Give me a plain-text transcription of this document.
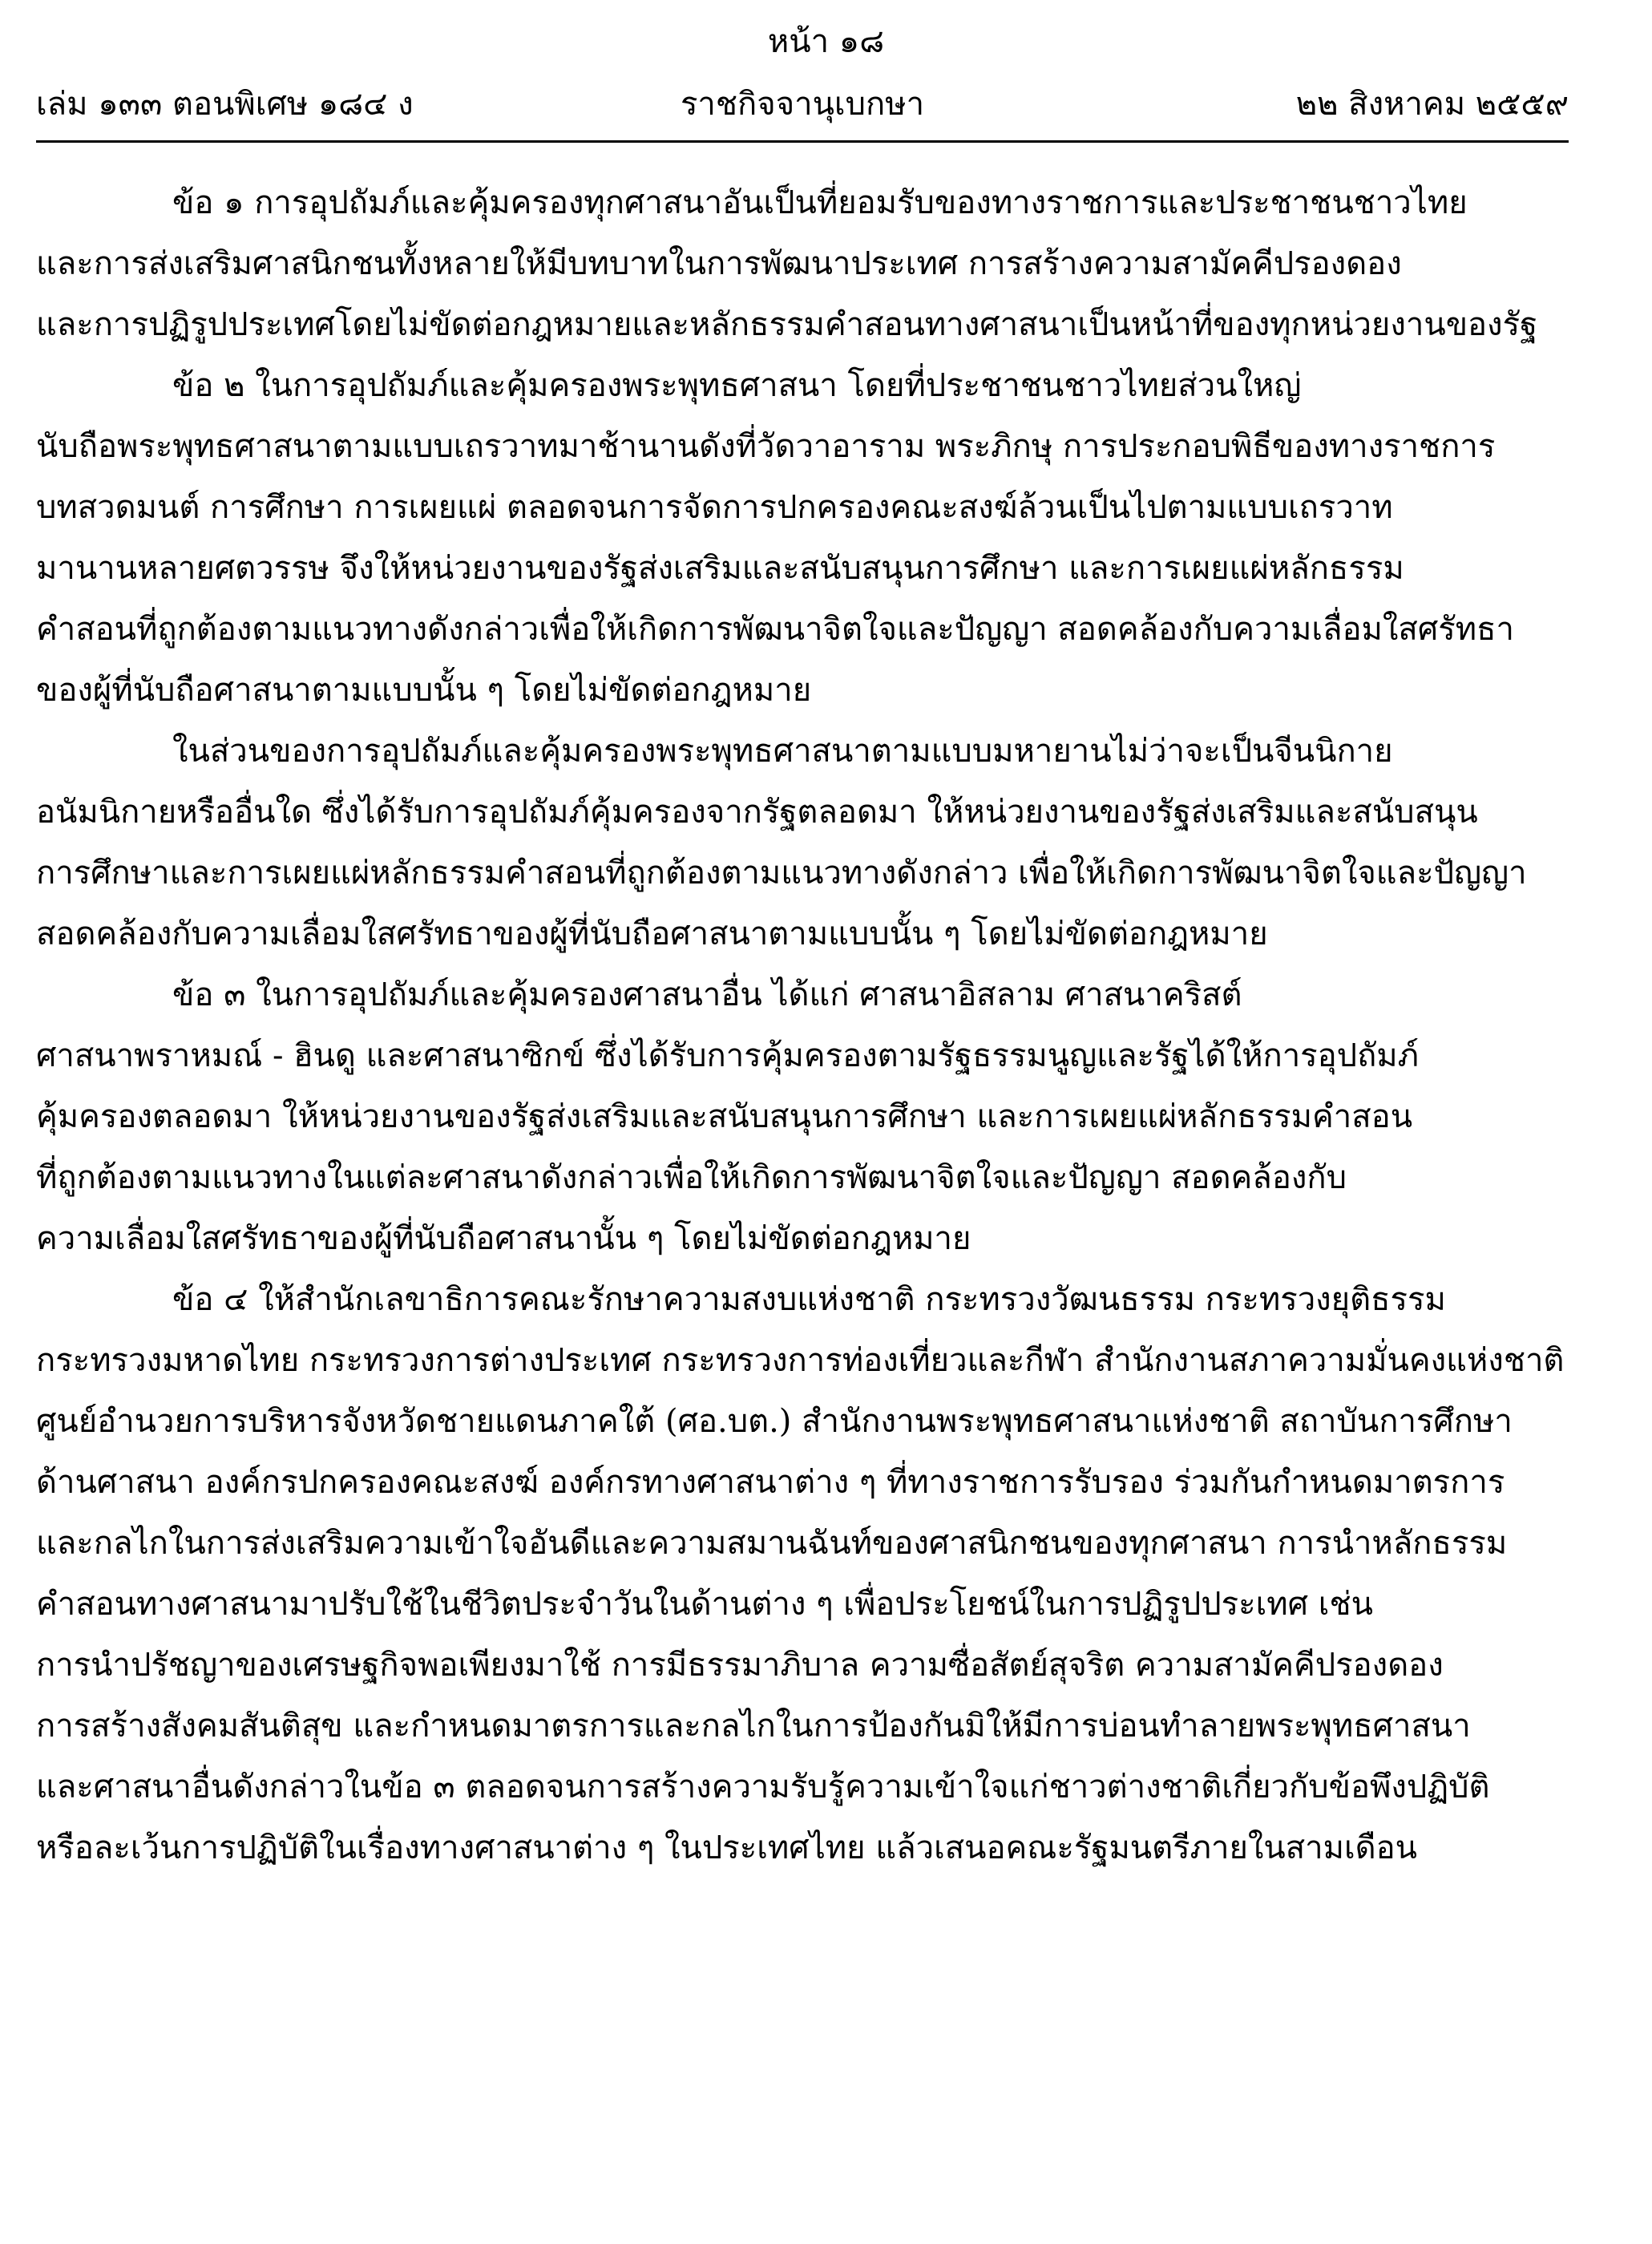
หน้า ๑๘
เล่ม ๑๓๓ ตอนพิเศษ ๑๘๔ ง	ราชกิจจานุเบกษา	๒๒ สิงหาคม ๒๕๕๙
ข้อ ๑ การอุปถัมภ์และคุ้มครองทุกศาสนาอันเป็นที่ยอมรับของทางราชการและประชาชนชาวไทย
และการส่งเสริมศาสนิกชนทั้งหลายให้มีบทบาทในการพัฒนาประเทศ การสร้างความสามัคคีปรองดอง
และการปฏิรูปประเทศโดยไม่ขัดต่อกฎหมายและหลักธรรมคำสอนทางศาสนาเป็นหน้าที่ของทุกหน่วยงานของรัฐ
ข้อ ๒ ในการอุปถัมภ์และคุ้มครองพระพุทธศาสนา โดยที่ประชาชนชาวไทยส่วนใหญ่
นับถือพระพุทธศาสนาตามแบบเถรวาทมาช้านานดังที่วัดวาอาราม พระภิกษุ การประกอบพิธีของทางราชการ
บทสวดมนต์ การศึกษา การเผยแผ่ ตลอดจนการจัดการปกครองคณะสงฆ์ล้วนเป็นไปตามแบบเถรวาท
มานานหลายศตวรรษ จึงให้หน่วยงานของรัฐส่งเสริมและสนับสนุนการศึกษา และการเผยแผ่หลักธรรม
คำสอนที่ถูกต้องตามแนวทางดังกล่าวเพื่อให้เกิดการพัฒนาจิตใจและปัญญา สอดคล้องกับความเลื่อมใสศรัทธา
ของผู้ที่นับถือศาสนาตามแบบนั้น ๆ โดยไม่ขัดต่อกฎหมาย
ในส่วนของการอุปถัมภ์และคุ้มครองพระพุทธศาสนาตามแบบมหายานไม่ว่าจะเป็นจีนนิกาย
อนัมนิกายหรืออื่นใด ซึ่งได้รับการอุปถัมภ์คุ้มครองจากรัฐตลอดมา ให้หน่วยงานของรัฐส่งเสริมและสนับสนุน
การศึกษาและการเผยแผ่หลักธรรมคำสอนที่ถูกต้องตามแนวทางดังกล่าว เพื่อให้เกิดการพัฒนาจิตใจและปัญญา
สอดคล้องกับความเลื่อมใสศรัทธาของผู้ที่นับถือศาสนาตามแบบนั้น ๆ โดยไม่ขัดต่อกฎหมาย
ข้อ ๓ ในการอุปถัมภ์และคุ้มครองศาสนาอื่น ได้แก่ ศาสนาอิสลาม ศาสนาคริสต์
ศาสนาพราหมณ์ - ฮินดู และศาสนาซิกข์ ซึ่งได้รับการคุ้มครองตามรัฐธรรมนูญและรัฐได้ให้การอุปถัมภ์
คุ้มครองตลอดมา ให้หน่วยงานของรัฐส่งเสริมและสนับสนุนการศึกษา และการเผยแผ่หลักธรรมคำสอน
ที่ถูกต้องตามแนวทางในแต่ละศาสนาดังกล่าวเพื่อให้เกิดการพัฒนาจิตใจและปัญญา สอดคล้องกับ
ความเลื่อมใสศรัทธาของผู้ที่นับถือศาสนานั้น ๆ โดยไม่ขัดต่อกฎหมาย
ข้อ ๔ ให้สำนักเลขาธิการคณะรักษาความสงบแห่งชาติ กระทรวงวัฒนธรรม กระทรวงยุติธรรม
กระทรวงมหาดไทย กระทรวงการต่างประเทศ กระทรวงการท่องเที่ยวและกีฬา สำนักงานสภาความมั่นคงแห่งชาติ
ศูนย์อำนวยการบริหารจังหวัดชายแดนภาคใต้ (ศอ.บต.) สำนักงานพระพุทธศาสนาแห่งชาติ สถาบันการศึกษา
ด้านศาสนา องค์กรปกครองคณะสงฆ์ องค์กรทางศาสนาต่าง ๆ ที่ทางราชการรับรอง ร่วมกันกำหนดมาตรการ
และกลไกในการส่งเสริมความเข้าใจอันดีและความสมานฉันท์ของศาสนิกชนของทุกศาสนา การนำหลักธรรม
คำสอนทางศาสนามาปรับใช้ในชีวิตประจำวันในด้านต่าง ๆ เพื่อประโยชน์ในการปฏิรูปประเทศ เช่น
การนำปรัชญาของเศรษฐกิจพอเพียงมาใช้ การมีธรรมาภิบาล ความซื่อสัตย์สุจริต ความสามัคคีปรองดอง
การสร้างสังคมสันติสุข และกำหนดมาตรการและกลไกในการป้องกันมิให้มีการบ่อนทำลายพระพุทธศาสนา
และศาสนาอื่นดังกล่าวในข้อ ๓ ตลอดจนการสร้างความรับรู้ความเข้าใจแก่ชาวต่างชาติเกี่ยวกับข้อพึงปฏิบัติ
หรือละเว้นการปฏิบัติในเรื่องทางศาสนาต่าง ๆ ในประเทศไทย แล้วเสนอคณะรัฐมนตรีภายในสามเดือน
